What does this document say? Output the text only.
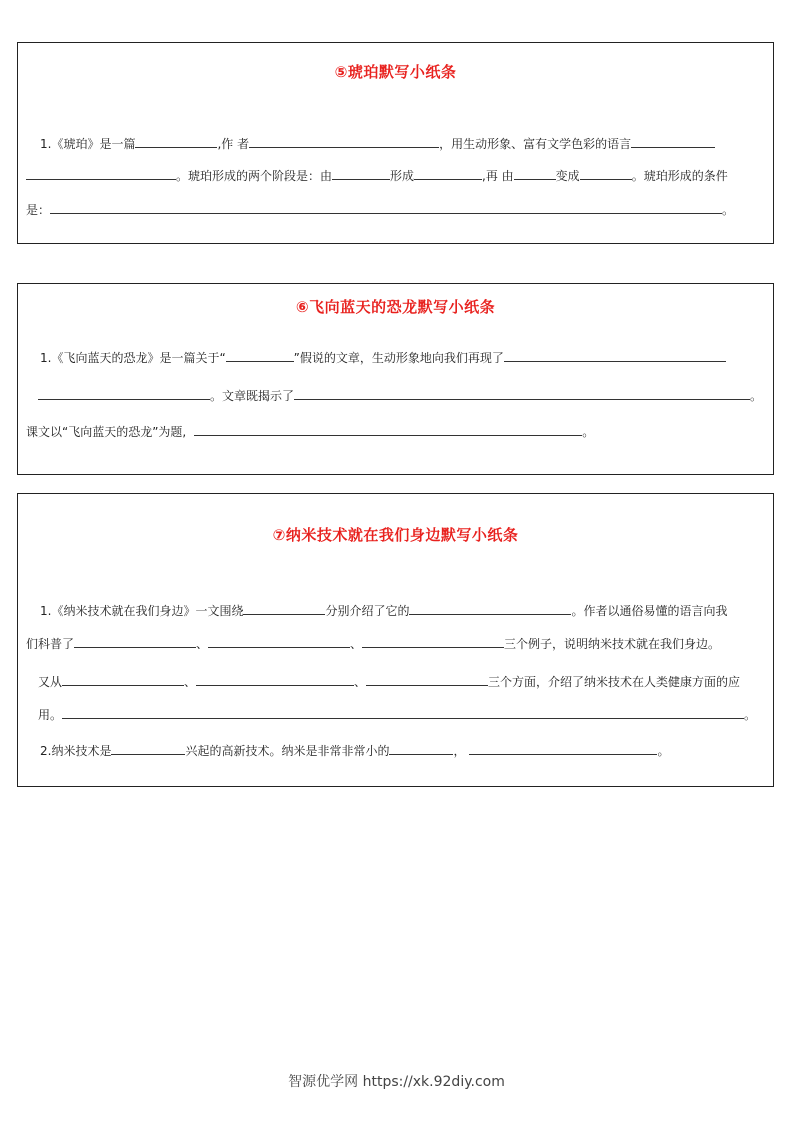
⑤琥珀默写小纸条
1.《琥珀》是一篇	,作 者	，用生动形象、富有文学色彩的语言
。琥珀形成的两个阶段是：由	形成	,再 由	变成	。琥珀形成的条件
是：	。
⑥飞向蓝天的恐龙默写小纸条
1.《飞向蓝天的恐龙》是一篇关于“	”假说的文章，生动形象地向我们再现了
。文章既揭示了	。
课文以“飞向蓝天的恐龙”为题,	。
⑦纳米技术就在我们身边默写小纸条
1.《纳米技术就在我们身边》一文围绕	分别介绍了它的	。作者以通俗易懂的语言向我
们科普了	、	、	三个例子，说明纳米技术就在我们身边。
又从	、	、	三个方面，介绍了纳米技术在人类健康方面的应
用。	。
2.纳米技术是	兴起的高新技术。纳米是非常非常小的	，	。
智源优学网 https://xk.92diy.com
